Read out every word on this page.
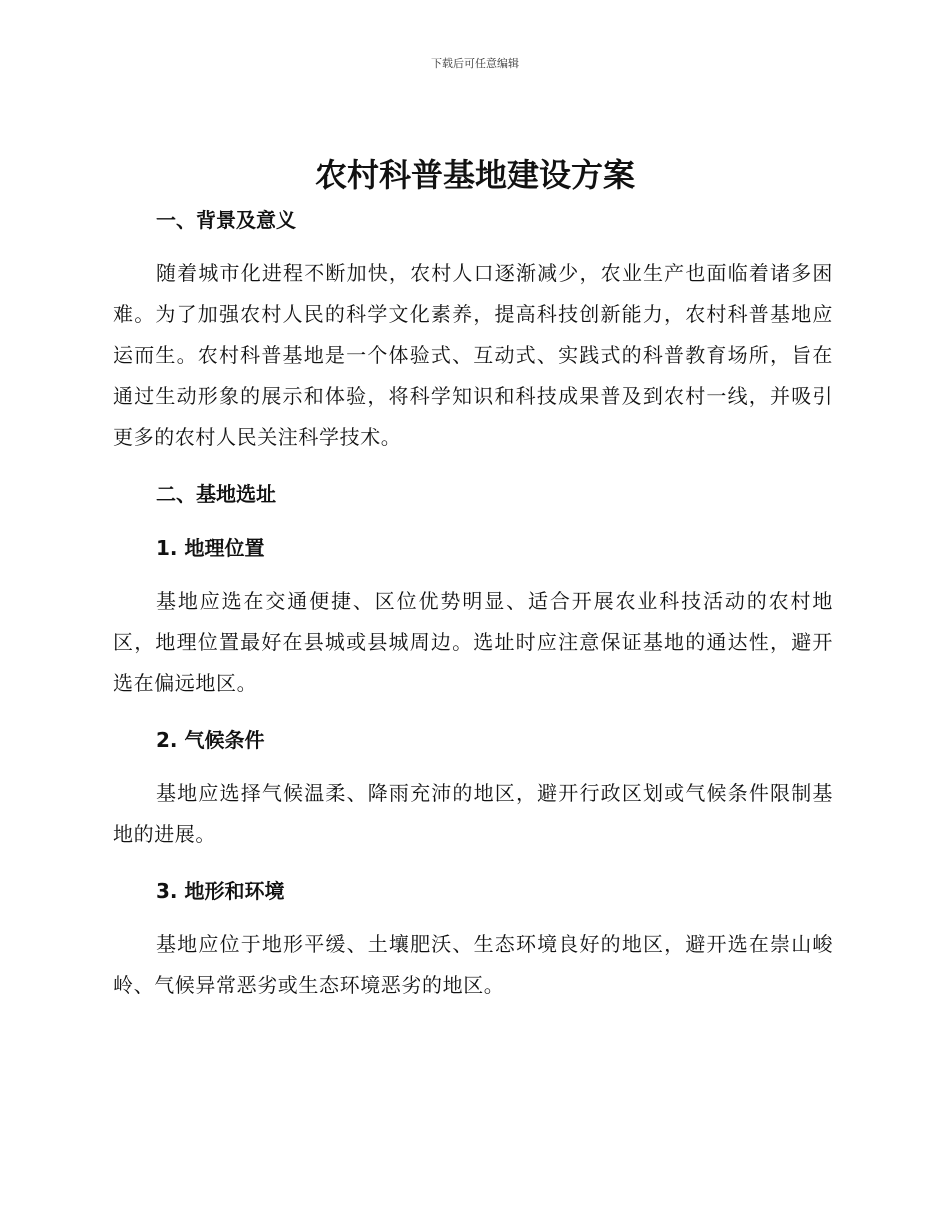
下载后可任意编辑
农村科普基地建设方案
一、背景及意义

随着城市化进程不断加快，农村人口逐渐减少，农业生产也面临着诸多困难。为了加强农村人民的科学文化素养，提高科技创新能力，农村科普基地应运而生。农村科普基地是一个体验式、互动式、实践式的科普教育场所，旨在通过生动形象的展示和体验，将科学知识和科技成果普及到农村一线，并吸引更多的农村人民关注科学技术。

二、基地选址
1. 地理位置

基地应选在交通便捷、区位优势明显、适合开展农业科技活动的农村地区，地理位置最好在县城或县城周边。选址时应注意保证基地的通达性，避开选在偏远地区。

2. 气候条件

基地应选择气候温柔、降雨充沛的地区，避开行政区划或气候条件限制基地的进展。

3. 地形和环境

基地应位于地形平缓、土壤肥沃、生态环境良好的地区，避开选在崇山峻岭、气候异常恶劣或生态环境恶劣的地区。
